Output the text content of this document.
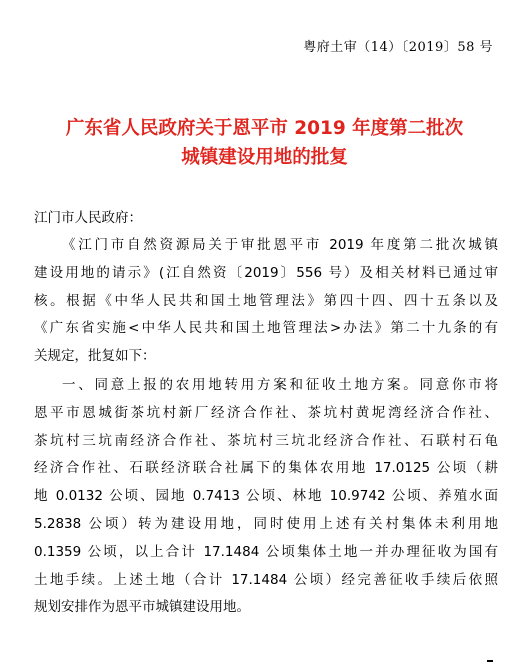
粤府土审（14）〔2019〕58 号
广东省人民政府关于恩平市 2019 年度第二批次
城镇建设用地的批复
江门市人民政府：
《江门市自然资源局关于审批恩平市 2019 年度第二批次城镇
建设用地的请示》(江自然资〔2019〕556 号）及相关材料已通过审
核。根据《中华人民共和国土地管理法》第四十四、四十五条以及
《广东省实施<中华人民共和国土地管理法>办法》第二十九条的有
关规定，批复如下：
一、同意上报的农用地转用方案和征收土地方案。同意你市将
恩平市恩城街茶坑村新厂经济合作社、茶坑村黄坭湾经济合作社、
茶坑村三坑南经济合作社、茶坑村三坑北经济合作社、石联村石龟
经济合作社、石联经济联合社属下的集体农用地 17.0125 公顷（耕
地 0.0132 公顷、园地 0.7413 公顷、林地 10.9742 公顷、养殖水面
5.2838 公顷）转为建设用地，同时使用上述有关村集体未利用地
0.1359 公顷，以上合计 17.1484 公顷集体土地一并办理征收为国有
土地手续。上述土地（合计 17.1484 公顷）经完善征收手续后依照
规划安排作为恩平市城镇建设用地。
